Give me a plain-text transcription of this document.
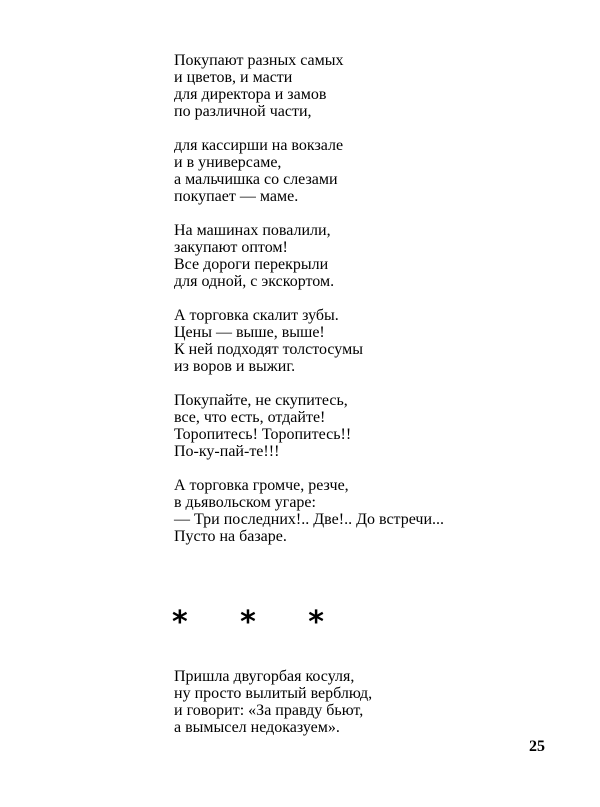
Покупают разных самых
и цветов, и масти
для директора и замов
по различной части,
для кассирши на вокзале
и в универсаме,
а мальчишка со слезами
покупает — маме.
На машинах повалили,
закупают оптом!
Все дороги перекрыли
для одной, с экскортом.
А торговка скалит зубы.
Цены — выше, выше!
К ней подходят толстосумы
из воров и выжиг.
Покупайте, не скупитесь,
все, что есть, отдайте!
Торопитесь! Торопитесь!!
По-ку-пай-те!!!
А торговка громче, резче,
в дьявольском угаре:
— Три последних!.. Две!.. До встречи...
Пусто на базаре.
* * *
Пришла двугорбая косуля,
ну просто вылитый верблюд,
и говорит: «За правду бьют,
а вымысел недоказуем».
25
